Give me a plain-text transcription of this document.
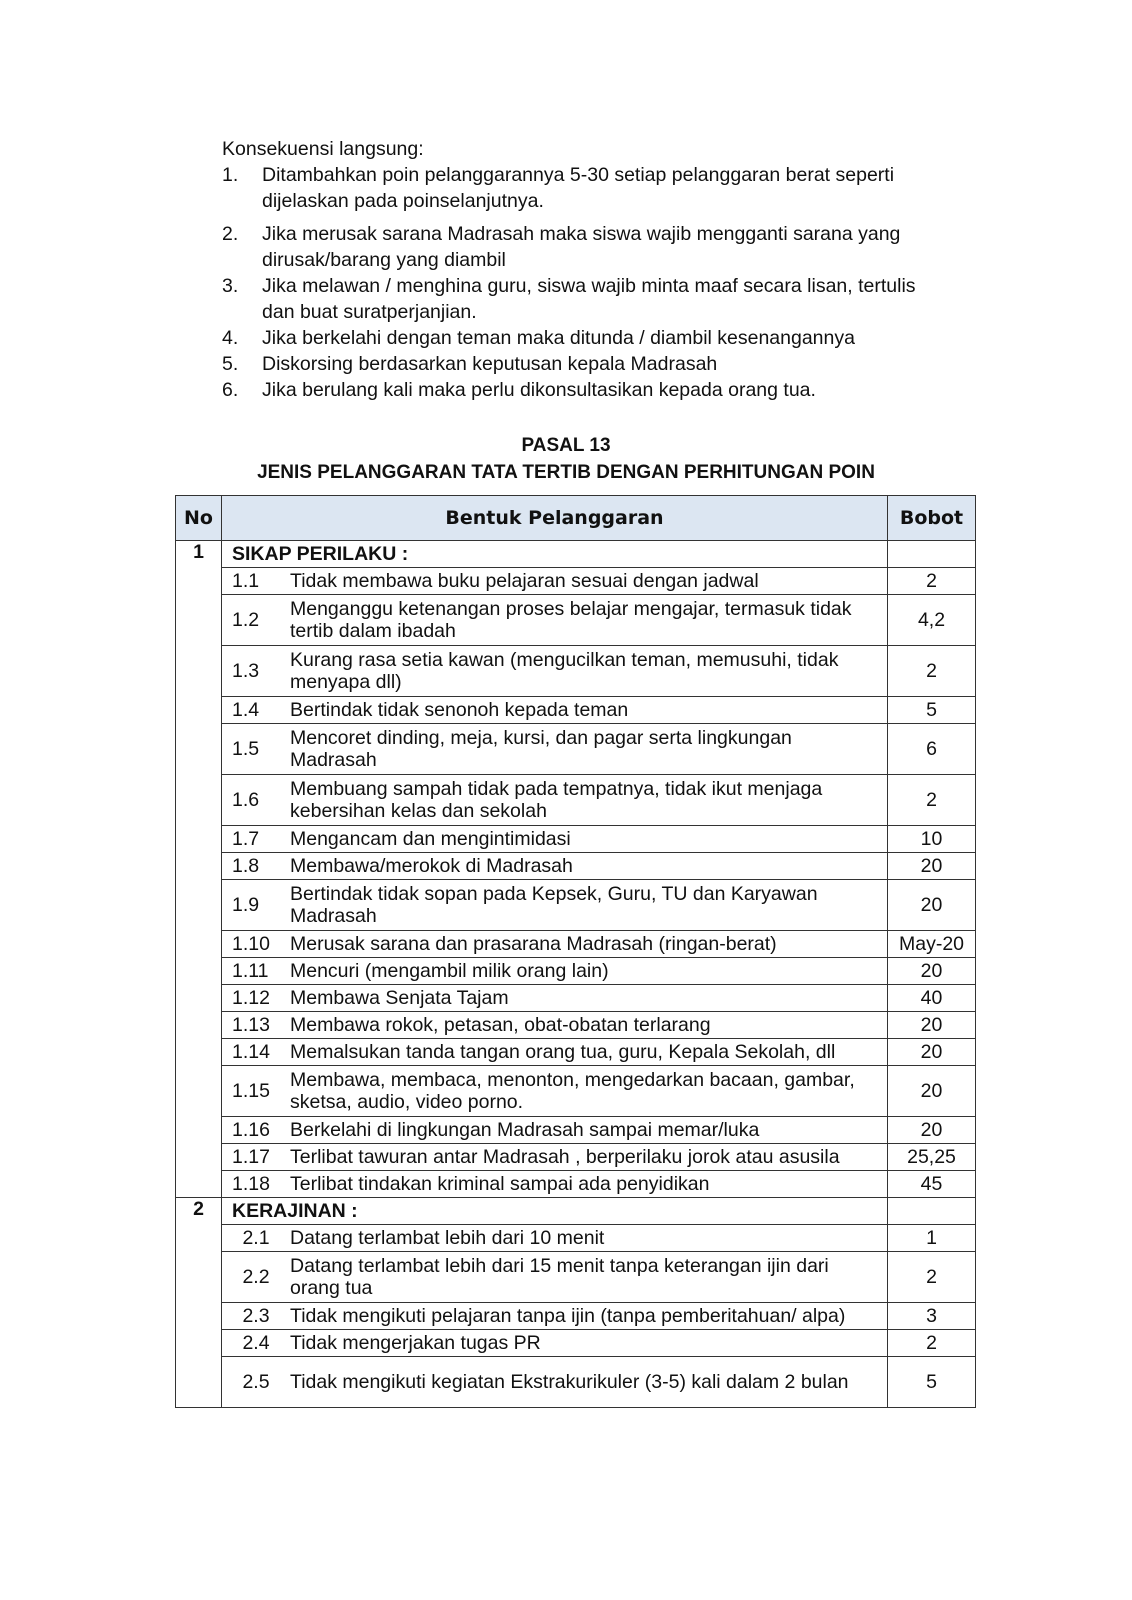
Konsekuensi langsung:
1. Ditambahkan poin pelanggarannya 5-30 setiap pelanggaran berat seperti dijelaskan pada poinselanjutnya.
2. Jika merusak sarana Madrasah maka siswa wajib mengganti sarana yang dirusak/barang yang diambil
3. Jika melawan / menghina guru, siswa wajib minta maaf secara lisan, tertulis dan buat suratperjanjian.
4. Jika berkelahi dengan teman maka ditunda / diambil kesenangannya
5. Diskorsing berdasarkan keputusan kepala Madrasah
6. Jika berulang kali maka perlu dikonsultasikan kepada orang tua.
PASAL 13
JENIS PELANGGARAN TATA TERTIB DENGAN PERHITUNGAN POIN
No	Bentuk Pelanggaran	Bobot
1	SIKAP PERILAKU :	

	1.1 Tidak membawa buku pelajaran sesuai dengan jadwal	2

	1.2 Menganggu ketenangan proses belajar mengajar, termasuk tidak tertib dalam ibadah	4,2

	1.3 Kurang rasa setia kawan (mengucilkan teman, memusuhi, tidak menyapa dll)	2

	1.4 Bertindak tidak senonoh kepada teman	5

	1.5 Mencoret dinding, meja, kursi, dan pagar serta lingkungan Madrasah	6

	1.6 Membuang sampah tidak pada tempatnya, tidak ikut menjaga kebersihan kelas dan sekolah	2

	1.7 Mengancam dan mengintimidasi	10

	1.8 Membawa/merokok di Madrasah	20

	1.9 Bertindak tidak sopan pada Kepsek, Guru, TU dan Karyawan Madrasah	20

	1.10 Merusak sarana dan prasarana Madrasah (ringan-berat)	May-20

	1.11 Mencuri (mengambil milik orang lain)	20

	1.12 Membawa Senjata Tajam	40

	1.13 Membawa rokok, petasan, obat-obatan terlarang	20

	1.14 Memalsukan tanda tangan orang tua, guru, Kepala Sekolah, dll	20

	1.15 Membawa, membaca, menonton, mengedarkan bacaan, gambar, sketsa, audio, video porno.	20

	1.16 Berkelahi di lingkungan Madrasah sampai memar/luka	20

	1.17 Terlibat tawuran antar Madrasah , berperilaku jorok atau asusila	25,25

	1.18 Terlibat tindakan kriminal sampai ada penyidikan	45
2	KERAJINAN :	

	2.1 Datang terlambat lebih dari 10 menit	1

	2.2 Datang terlambat lebih dari 15 menit tanpa keterangan ijin dari orang tua	2

	2.3 Tidak mengikuti pelajaran tanpa ijin (tanpa pemberitahuan/ alpa)	3

	2.4 Tidak mengerjakan tugas PR	2

	2.5 Tidak mengikuti kegiatan Ekstrakurikuler (3-5) kali dalam 2 bulan	5
